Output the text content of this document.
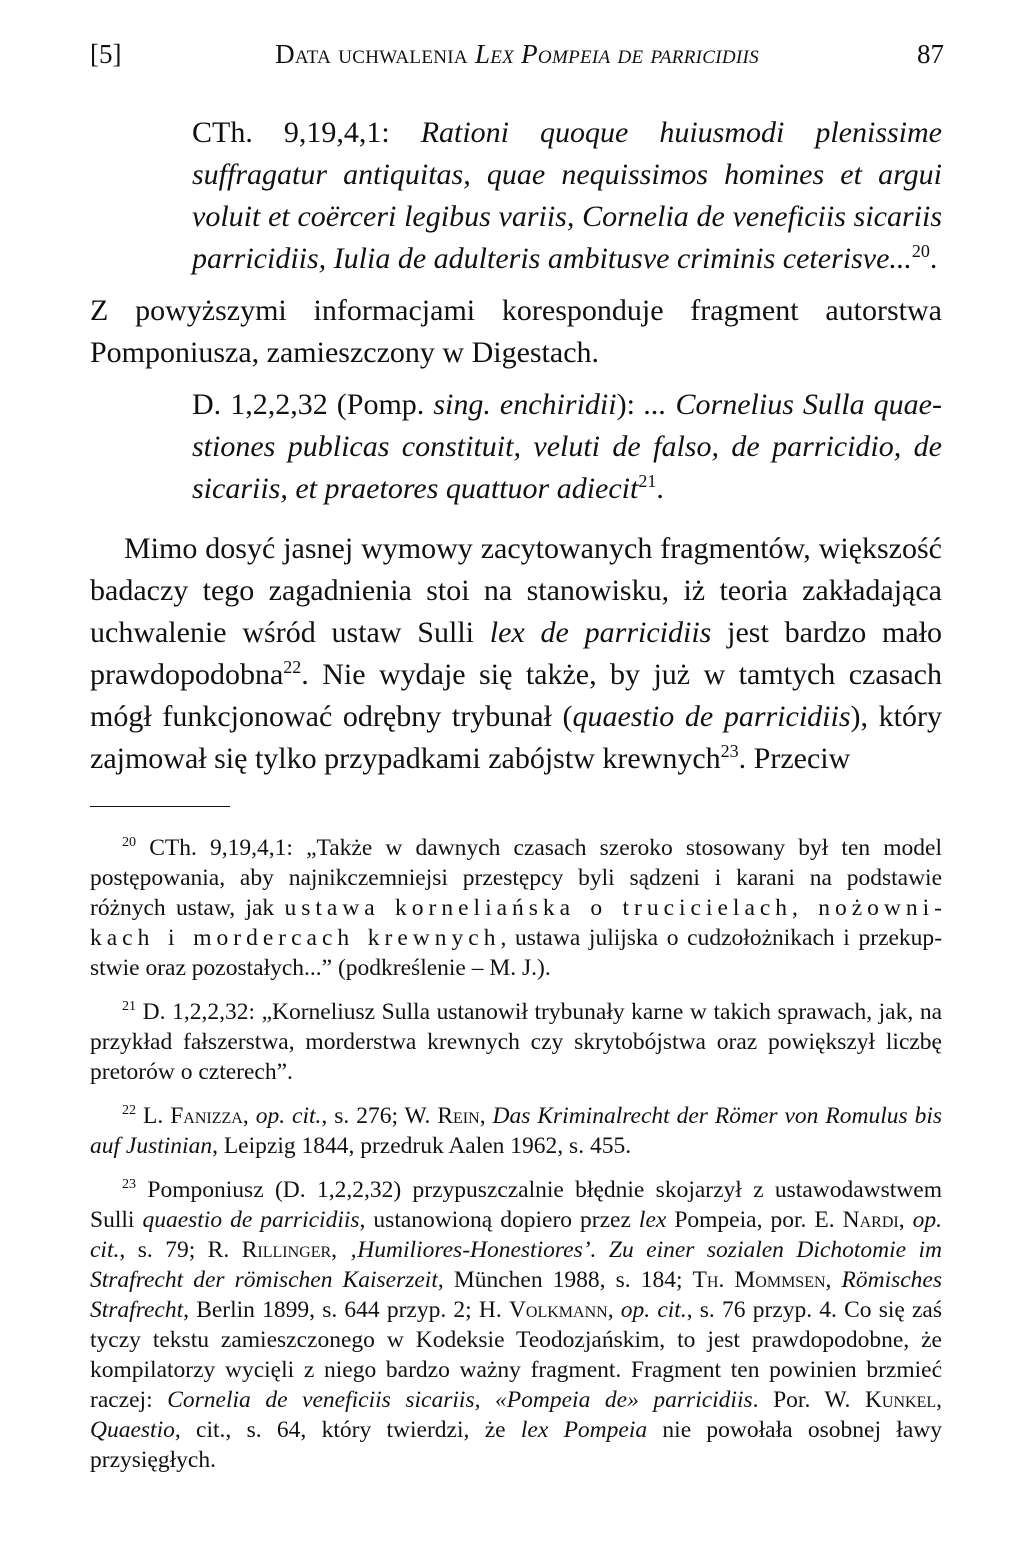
[5]	Data uchwalenia Lex Pompeia de parricidiis	87

CTh. 9,19,4,1: Rationi quoque huiusmodi plenissime suffragatur antiquitas, quae nequissimos homines et argui voluit et coërceri legibus variis, Cornelia de veneficiis sicariis parricidiis, Iulia de adulteris ambitusve criminis ceterisve...$^{20}$.

Z powyższymi informacjami koresponduje fragment autorstwa Pomponiusza, zamieszczony w Digestach.

D. 1,2,2,32 (Pomp. sing. enchiridii): ... Cornelius Sulla quaestiones publicas constituit, veluti de falso, de parricidio, de sicariis, et praetores quattuor adiecit$^{21}$.

Mimo dosyć jasnej wymowy zacytowanych fragmentów, większość badaczy tego zagadnienia stoi na stanowisku, iż teoria zakładająca uchwalenie wśród ustaw Sulli lex de parricidiis jest bardzo mało prawdopodobna$^{22}$. Nie wydaje się także, by już w tamtych czasach mógł funkcjonować odrębny trybunał (quaestio de parricidiis), który zajmował się tylko przypadkami zabójstw krewnych$^{23}$. Przeciw

$^{20}$ CTh. 9,19,4,1: „Także w dawnych czasach szeroko stosowany był ten model postępowania, aby najnikczemniejsi przestępcy byli sądzeni i karani na podstawie różnych ustaw, jak ustawa korneliańska o trucicielach, nożownikach i mordercach krewnych, ustawa julijska o cudzołożnikach i przekupstwie oraz pozostałych...” (podkreślenie – M. J.).

$^{21}$ D. 1,2,2,32: „Korneliusz Sulla ustanowił trybunały karne w takich sprawach, jak, na przykład fałszerstwa, morderstwa krewnych czy skrytobójstwa oraz powiększył liczbę pretorów o czterech”.

$^{22}$ L. Fanizza, op. cit., s. 276; W. Rein, Das Kriminalrecht der Römer von Romulus bis auf Justinian, Leipzig 1844, przedruk Aalen 1962, s. 455.

$^{23}$ Pomponiusz (D. 1,2,2,32) przypuszczalnie błędnie skojarzył z ustawodawstwem Sulli quaestio de parricidiis, ustanowioną dopiero przez lex Pompeia, por. E. Nardi, op. cit., s. 79; R. Rillinger, ‚Humiliores-Honestiores’. Zu einer sozialen Dichotomie im Strafrecht der römischen Kaiserzeit, München 1988, s. 184; Th. Mommsen, Römisches Strafrecht, Berlin 1899, s. 644 przyp. 2; H. Volkmann, op. cit., s. 76 przyp. 4. Co się zaś tyczy tekstu zamieszczonego w Kodeksie Teodozjańskim, to jest prawdopodobne, że kompilatorzy wycięli z niego bardzo ważny fragment. Fragment ten powinien brzmieć raczej: Cornelia de veneficiis sicariis, «Pompeia de» parricidiis. Por. W. Kunkel, Quaestio, cit., s. 64, który twierdzi, że lex Pompeia nie powołała osobnej ławy przysięgłych.
